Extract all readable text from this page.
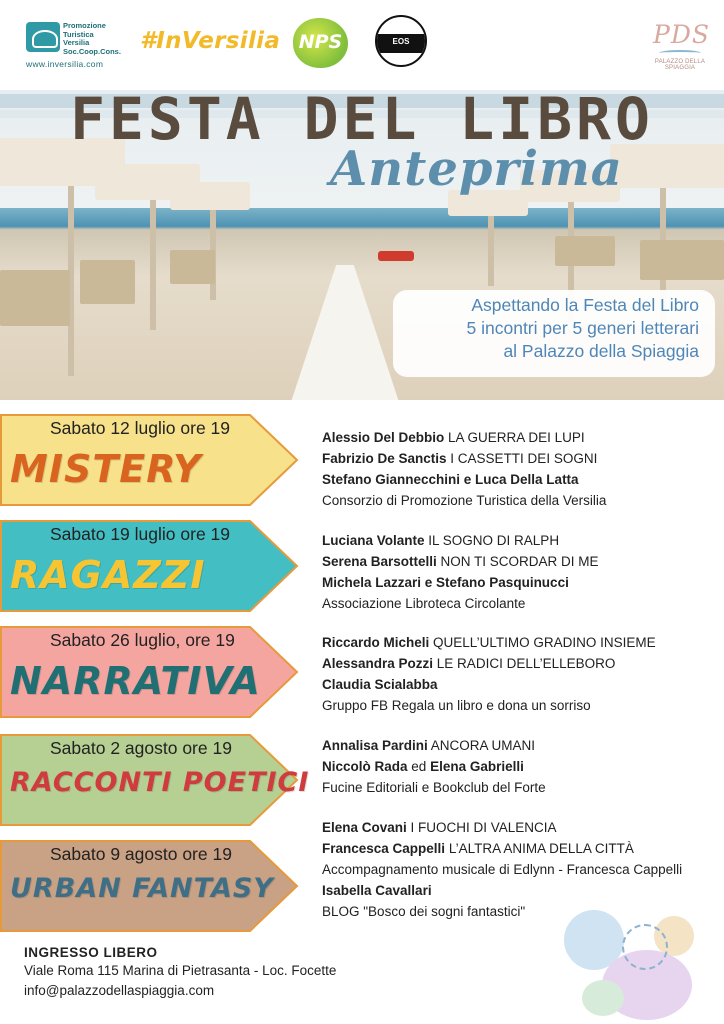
Promozione
Turistica
Versilia
Soc.Coop.Cons.
www.inversilia.com
#InVersilia NPS	EOS	PDS
PALAZZO DELLA SPIAGGIA
FESTA DEL LIBRO
Anteprima
Aspettando la Festa del Libro
5 incontri per 5 generi letterari
al Palazzo della Spiaggia
Sabato 12 luglio ore 19
MISTERY
Alessio Del Debbio LA GUERRA DEI LUPI
Fabrizio De Sanctis I CASSETTI DEI SOGNI
Stefano Giannecchini e Luca Della Latta
Consorzio di Promozione Turistica della Versilia
Sabato 19 luglio ore 19
RAGAZZI
Luciana Volante IL SOGNO DI RALPH
Serena Barsottelli NON TI SCORDAR DI ME
Michela Lazzari e Stefano Pasquinucci
Associazione Libroteca Circolante
Sabato 26 luglio, ore 19
NARRATIVA
Riccardo Micheli QUELL’ULTIMO GRADINO INSIEME
Alessandra Pozzi LE RADICI DELL’ELLEBORO
Claudia Scialabba
Gruppo FB Regala un libro e dona un sorriso
Sabato 2 agosto ore 19
RACCONTI POETICI
Annalisa Pardini ANCORA UMANI
Niccolò Rada ed Elena Gabrielli
Fucine Editoriali e Bookclub del Forte
Sabato 9 agosto ore 19
URBAN FANTASY
Elena Covani I FUOCHI DI VALENCIA
Francesca Cappelli L’ALTRA ANIMA DELLA CITTÀ
Accompagnamento musicale di Edlynn - Francesca Cappelli
Isabella Cavallari
BLOG "Bosco dei sogni fantastici"
INGRESSO LIBERO
Viale Roma 115 Marina di Pietrasanta - Loc. Focette
info@palazzodellaspiaggia.com
